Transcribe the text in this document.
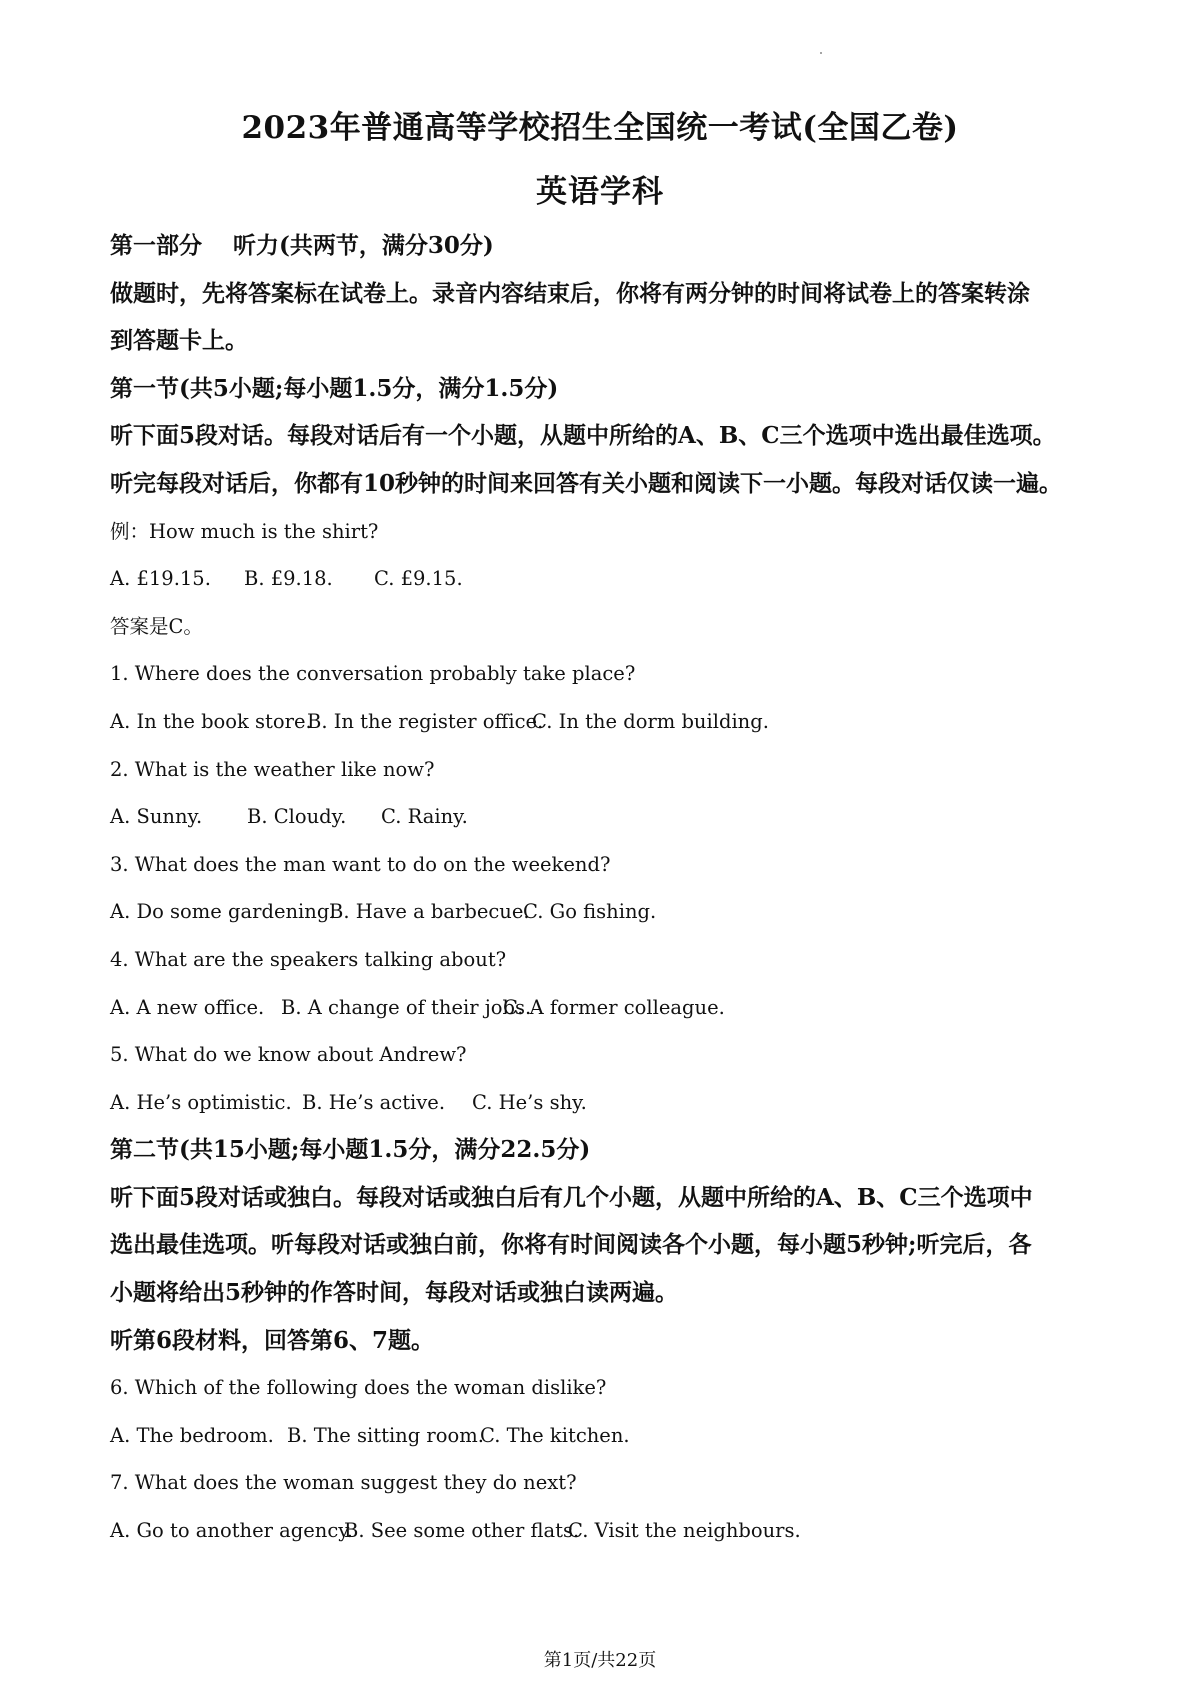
2023年普通高等学校招生全国统一考试(全国乙卷)
英语学科
第一部分　 听力(共两节，满分30分)
做题时，先将答案标在试卷上。录音内容结束后，你将有两分钟的时间将试卷上的答案转涂
到答题卡上。
第一节(共5小题;每小题1.5分，满分1.5分)
听下面5段对话。每段对话后有一个小题，从题中所给的A、B、C三个选项中选出最佳选项。
听完每段对话后，你都有10秒钟的时间来回答有关小题和阅读下一小题。每段对话仅读一遍。
例：How much is the shirt?
A. £19.15. B. £9.18. C. £9.15.
答案是C。
1. Where does the conversation probably take place?
A. In the book store.B. In the register office.C. In the dorm building.
2. What is the weather like now?
A. Sunny. B. Cloudy. C. Rainy.
3. What does the man want to do on the weekend?
A. Do some gardening.B. Have a barbecue.C. Go fishing.
4. What are the speakers talking about?
A. A new office. B. A change of their jobs.C. A former colleague.
5. What do we know about Andrew?
A. He’s optimistic. B. He’s active. C. He’s shy.
第二节(共15小题;每小题1.5分，满分22.5分)
听下面5段对话或独白。每段对话或独白后有几个小题，从题中所给的A、B、C三个选项中
选出最佳选项。听每段对话或独白前，你将有时间阅读各个小题，每小题5秒钟;听完后，各
小题将给出5秒钟的作答时间，每段对话或独白读两遍。
听第6段材料，回答第6、7题。
6. Which of the following does the woman dislike?
A. The bedroom. B. The sitting room.C. The kitchen.
7. What does the woman suggest they do next?
A. Go to another agency.B. See some other flats.C. Visit the neighbours.
第1页/共22页
